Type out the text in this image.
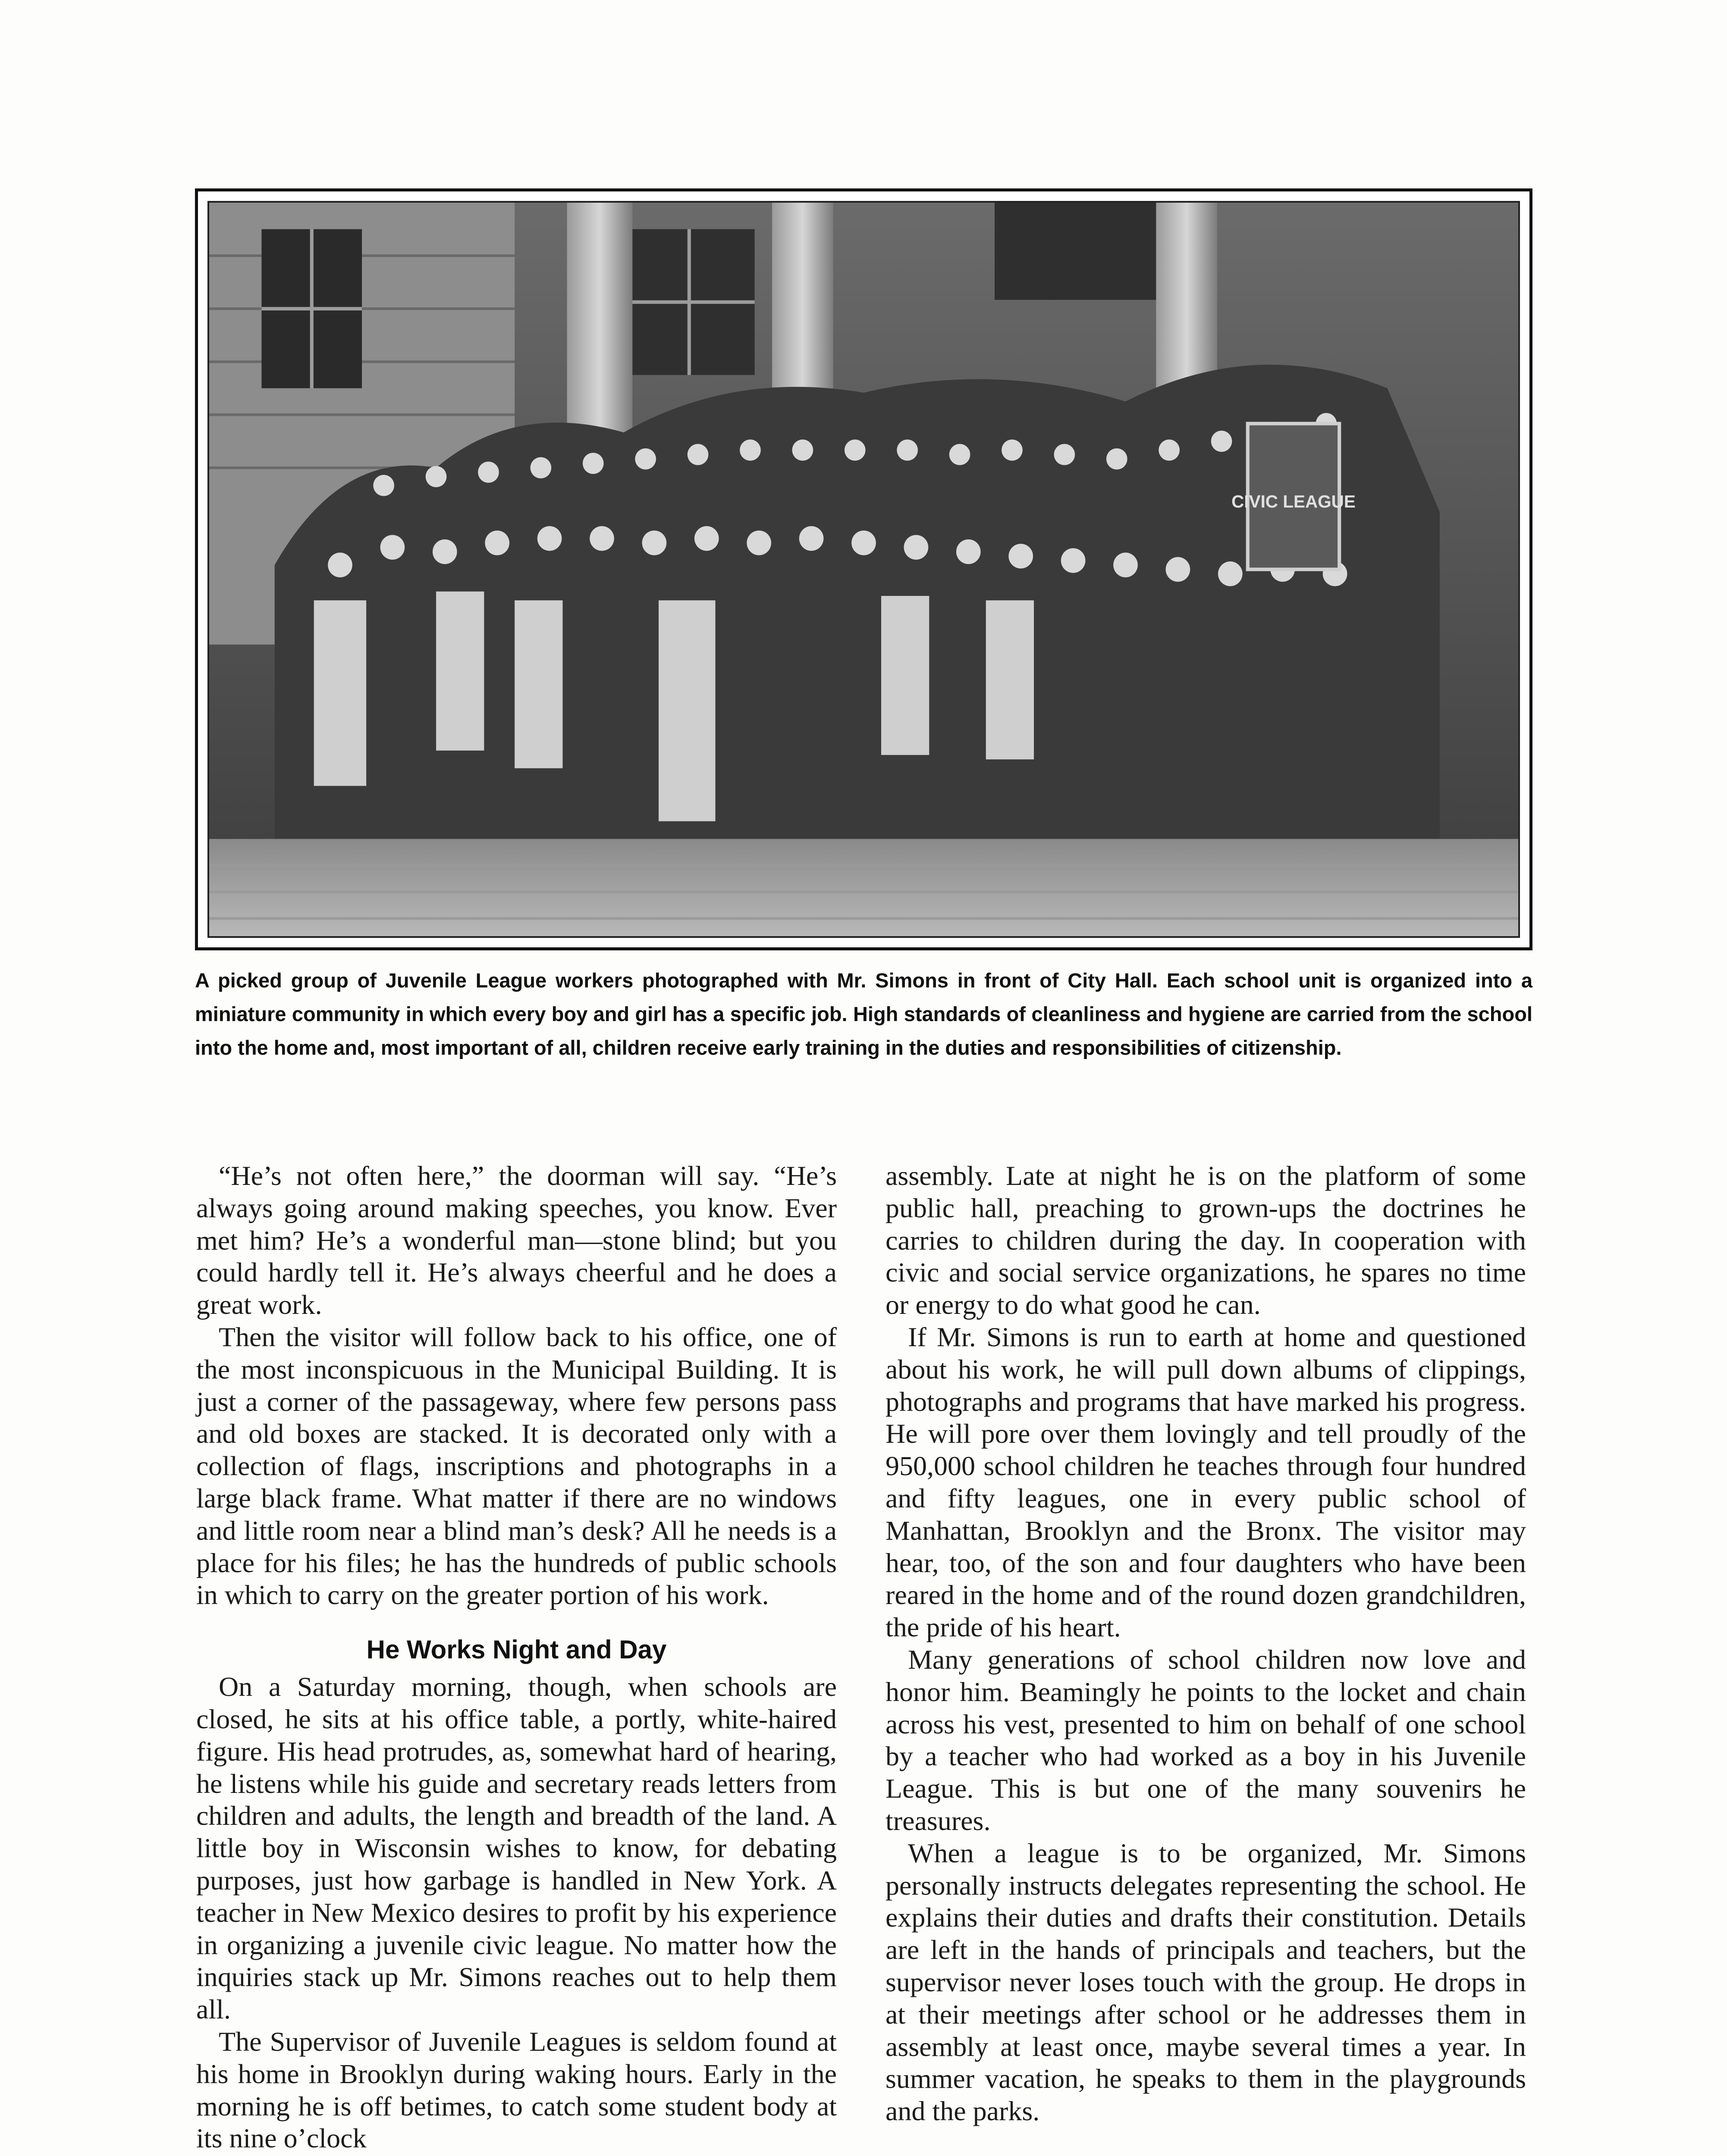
CIVIC LEAGUE
A picked group of Juvenile League workers photographed with Mr. Simons in front of City Hall. Each school unit is organized into a miniature community in which every boy and girl has a specific job. High standards of cleanliness and hygiene are carried from the school into the home and, most important of all, children receive early training in the duties and responsibilities of citizenship.

“He’s not often here,” the doorman will say. “He’s always going around making speeches, you know. Ever met him? He’s a wonderful man—stone blind; but you could hardly tell it. He’s always cheerful and he does a great work.

Then the visitor will follow back to his office, one of the most inconspicuous in the Municipal Building. It is just a corner of the passageway, where few persons pass and old boxes are stacked. It is decorated only with a collection of flags, inscriptions and photographs in a large black frame. What matter if there are no windows and little room near a blind man’s desk? All he needs is a place for his files; he has the hundreds of public schools in which to carry on the greater portion of his work.

He Works Night and Day

On a Saturday morning, though, when schools are closed, he sits at his office table, a portly, white-haired figure. His head protrudes, as, somewhat hard of hearing, he listens while his guide and secretary reads letters from children and adults, the length and breadth of the land. A little boy in Wisconsin wishes to know, for debating purposes, just how garbage is handled in New York. A teacher in New Mexico desires to profit by his experience in organizing a juvenile civic league. No matter how the inquiries stack up Mr. Simons reaches out to help them all.

The Supervisor of Juvenile Leagues is seldom found at his home in Brooklyn during waking hours. Early in the morning he is off betimes, to catch some student body at its nine o’clock

assembly. Late at night he is on the platform of some public hall, preaching to grown-ups the doctrines he carries to children during the day. In cooperation with civic and social service organizations, he spares no time or energy to do what good he can.

If Mr. Simons is run to earth at home and questioned about his work, he will pull down albums of clippings, photographs and programs that have marked his progress. He will pore over them lovingly and tell proudly of the 950,000 school children he teaches through four hundred and fifty leagues, one in every public school of Manhattan, Brooklyn and the Bronx. The visitor may hear, too, of the son and four daughters who have been reared in the home and of the round dozen grandchildren, the pride of his heart.

Many generations of school children now love and honor him. Beamingly he points to the locket and chain across his vest, presented to him on behalf of one school by a teacher who had worked as a boy in his Juvenile League. This is but one of the many souvenirs he treasures.

When a league is to be organized, Mr. Simons personally instructs delegates representing the school. He explains their duties and drafts their constitution. Details are left in the hands of principals and teachers, but the supervisor never loses touch with the group. He drops in at their meetings after school or he addresses them in assembly at least once, maybe several times a year. In summer vacation, he speaks to them in the playgrounds and the parks.
